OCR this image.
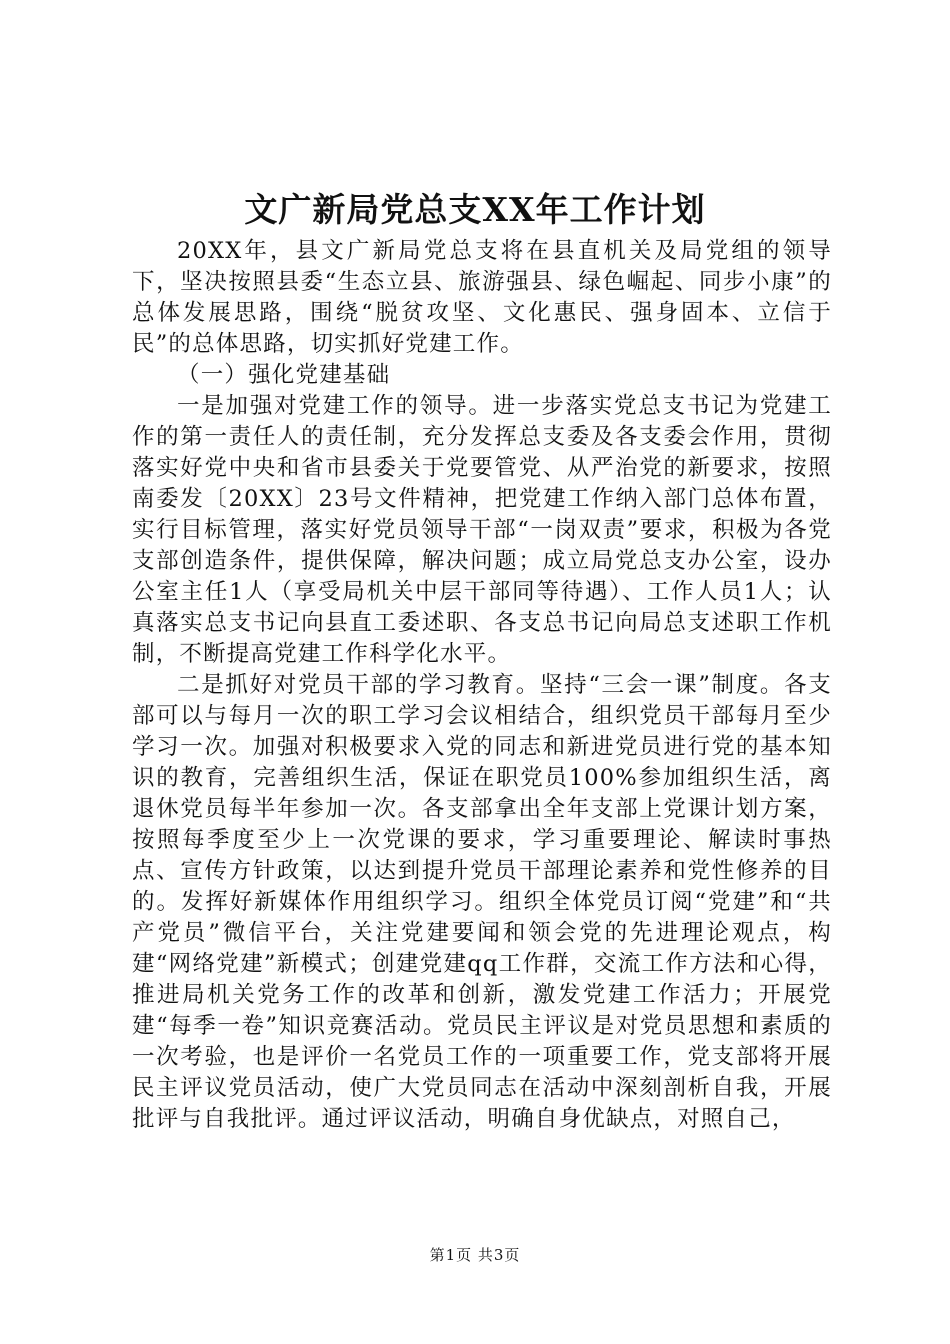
文广新局党总支XX年工作计划

20XX年，县文广新局党总支将在县直机关及局党组的领导下，坚决按照县委“生态立县、旅游强县、绿色崛起、同步小康”的总体发展思路，围绕“脱贫攻坚、文化惠民、强身固本、立信于民”的总体思路，切实抓好党建工作。

（一）强化党建基础

一是加强对党建工作的领导。进一步落实党总支书记为党建工作的第一责任人的责任制，充分发挥总支委及各支委会作用，贯彻落实好党中央和省市县委关于党要管党、从严治党的新要求，按照南委发〔20XX〕23号文件精神，把党建工作纳入部门总体布置，实行目标管理，落实好党员领导干部“一岗双责”要求，积极为各党支部创造条件，提供保障，解决问题；成立局党总支办公室，设办公室主任1人（享受局机关中层干部同等待遇）、工作人员1人；认真落实总支书记向县直工委述职、各支总书记向局总支述职工作机制，不断提高党建工作科学化水平。

二是抓好对党员干部的学习教育。坚持“三会一课”制度。各支部可以与每月一次的职工学习会议相结合，组织党员干部每月至少学习一次。加强对积极要求入党的同志和新进党员进行党的基本知识的教育，完善组织生活，保证在职党员100%参加组织生活，离退休党员每半年参加一次。各支部拿出全年支部上党课计划方案，按照每季度至少上一次党课的要求，学习重要理论、解读时事热点、宣传方针政策，以达到提升党员干部理论素养和党性修养的目的。发挥好新媒体作用组织学习。组织全体党员订阅“党建”和“共产党员”微信平台，关注党建要闻和领会党的先进理论观点，构建“网络党建”新模式；创建党建qq工作群，交流工作方法和心得，推进局机关党务工作的改革和创新，激发党建工作活力；开展党建“每季一卷”知识竞赛活动。党员民主评议是对党员思想和素质的一次考验，也是评价一名党员工作的一项重要工作，党支部将开展民主评议党员活动，使广大党员同志在活动中深刻剖析自我，开展批评与自我批评。通过评议活动，明确自身优缺点，对照自己，

第1页 共3页
